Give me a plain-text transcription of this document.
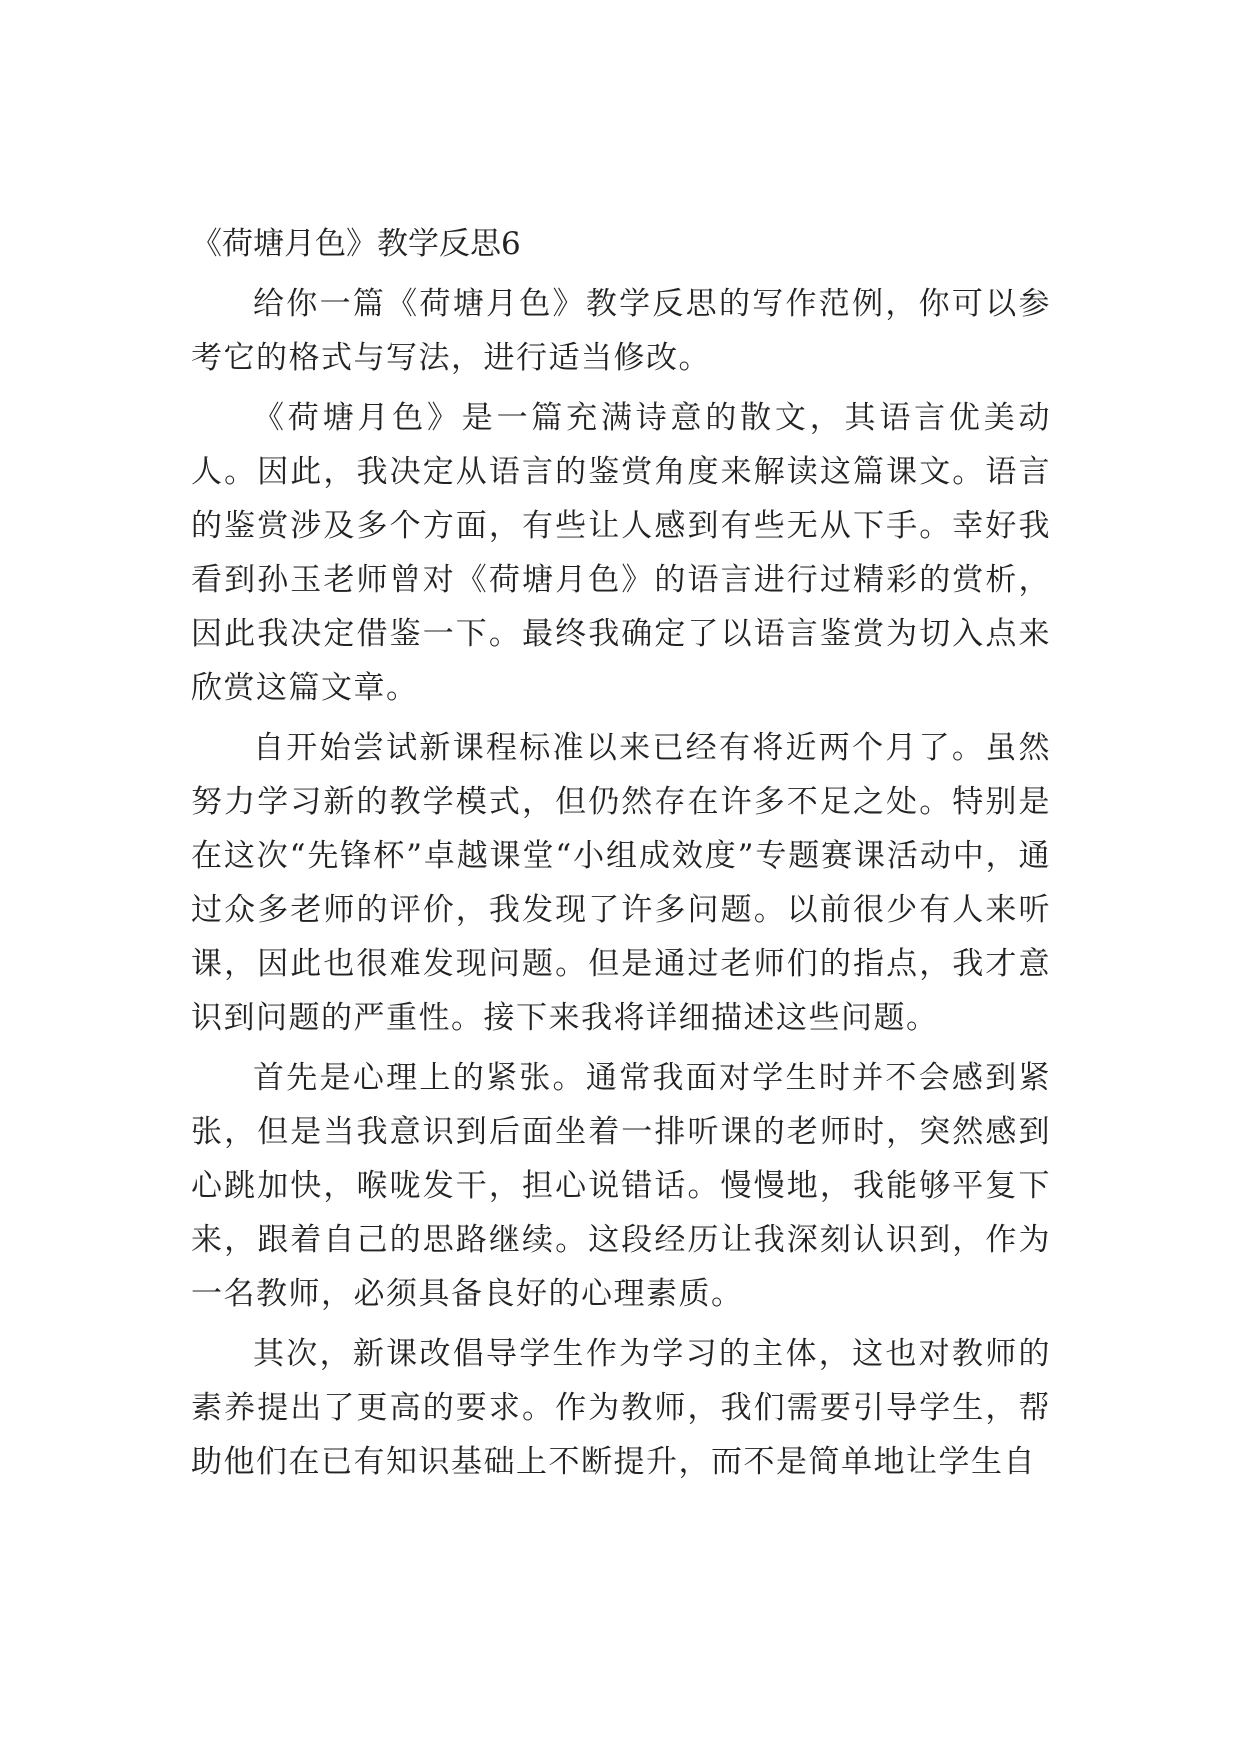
《荷塘月色》教学反思6

给你一篇《荷塘月色》教学反思的写作范例，你可以参考它的格式与写法，进行适当修改。

《荷塘月色》是一篇充满诗意的散文，其语言优美动人。因此，我决定从语言的鉴赏角度来解读这篇课文。语言的鉴赏涉及多个方面，有些让人感到有些无从下手。幸好我看到孙玉老师曾对《荷塘月色》的语言进行过精彩的赏析，因此我决定借鉴一下。最终我确定了以语言鉴赏为切入点来欣赏这篇文章。

自开始尝试新课程标准以来已经有将近两个月了。虽然努力学习新的教学模式，但仍然存在许多不足之处。特别是在这次“先锋杯”卓越课堂“小组成效度”专题赛课活动中，通过众多老师的评价，我发现了许多问题。以前很少有人来听课，因此也很难发现问题。但是通过老师们的指点，我才意识到问题的严重性。接下来我将详细描述这些问题。

首先是心理上的紧张。通常我面对学生时并不会感到紧张，但是当我意识到后面坐着一排听课的老师时，突然感到心跳加快，喉咙发干，担心说错话。慢慢地，我能够平复下来，跟着自己的思路继续。这段经历让我深刻认识到，作为一名教师，必须具备良好的心理素质。

其次，新课改倡导学生作为学习的主体，这也对教师的素养提出了更高的要求。作为教师，我们需要引导学生，帮助他们在已有知识基础上不断提升，而不是简单地让学生自
